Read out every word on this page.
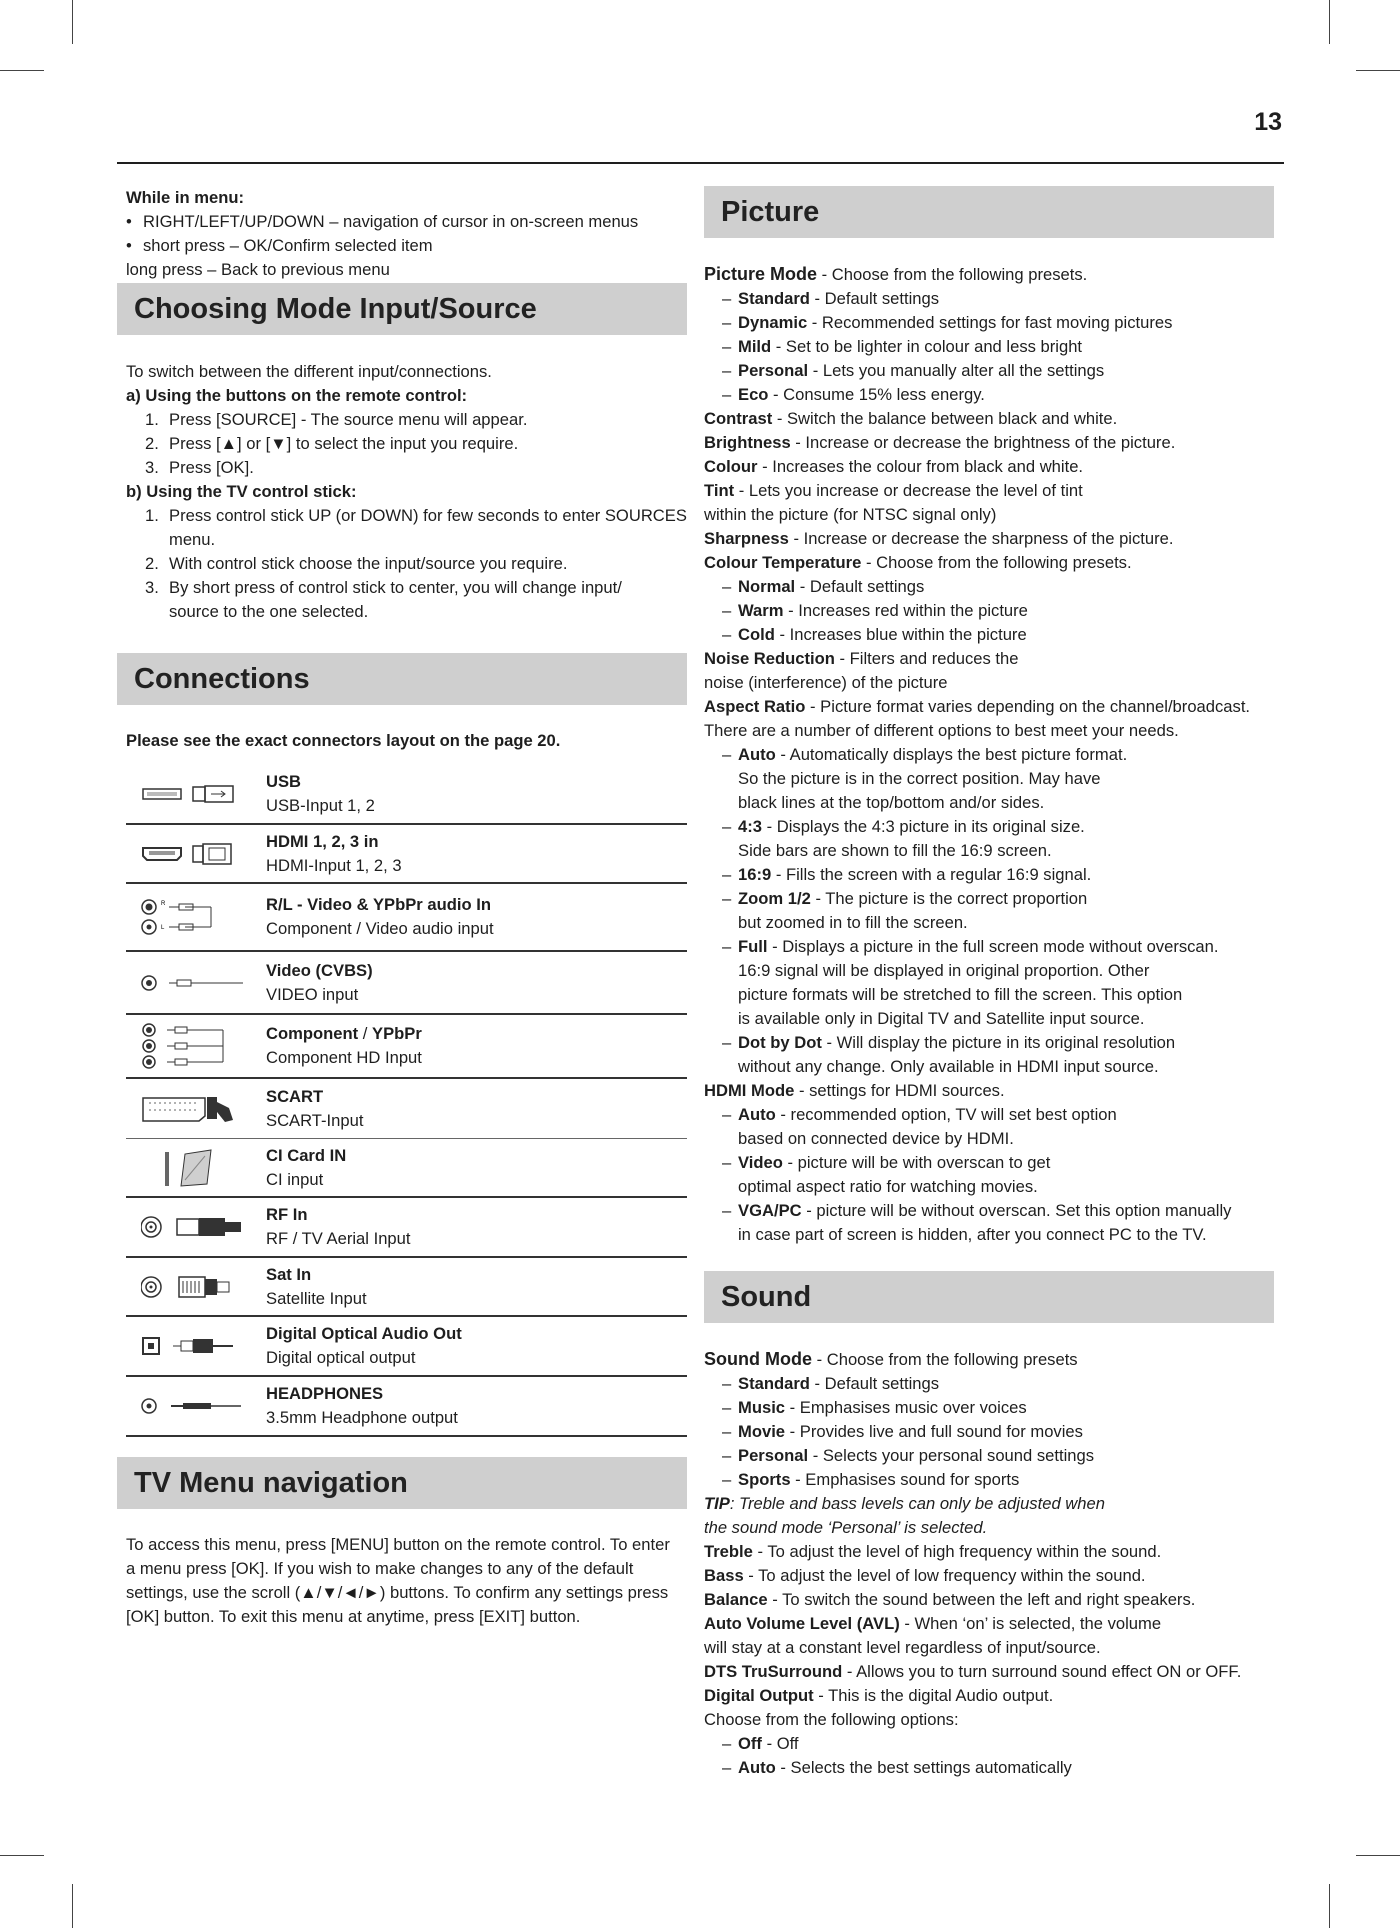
13
While in menu:
• RIGHT/LEFT/UP/DOWN – navigation of cursor in on-screen menus
• short press – OK/Confirm selected item
long press – Back to previous menu
Choosing Mode Input/Source
To switch between the different input/connections.
a) Using the buttons on the remote control:
1. Press [SOURCE] - The source menu will appear.
2. Press [▲] or [▼] to select the input you require.
3. Press [OK].
b) Using the TV control stick:
1. Press control stick UP (or DOWN) for few seconds to enter SOURCES
menu.
2. With control stick choose the input/source you require.
3. By short press of control stick to center, you will change input/
source to the one selected.
Connections
Please see the exact connectors layout on the page 20.
USB
USB-Input 1, 2
HDMI 1, 2, 3 in
HDMI-Input 1, 2, 3
R
L
R/L - Video & YPbPr audio In
Component / Video audio input
Video (CVBS)
VIDEO input
Component / YPbPr
Component HD Input
SCART
SCART-Input
CI Card IN
CI input
RF In
RF / TV Aerial Input
Sat In
Satellite Input
Digital Optical Audio Out
Digital optical output
HEADPHONES
3.5mm Headphone output
TV Menu navigation
To access this menu, press [MENU] button on the remote control. To enter
a menu press [OK]. If you wish to make changes to any of the default
settings, use the scroll (▲/▼/◄/►) buttons. To confirm any settings press
[OK] button. To exit this menu at anytime, press [EXIT] button.
Picture
Picture Mode - Choose from the following presets.
– Standard - Default settings
– Dynamic - Recommended settings for fast moving pictures
– Mild - Set to be lighter in colour and less bright
– Personal - Lets you manually alter all the settings
– Eco - Consume 15% less energy.
Contrast - Switch the balance between black and white.
Brightness - Increase or decrease the brightness of the picture.
Colour - Increases the colour from black and white.
Tint - Lets you increase or decrease the level of tint
within the picture (for NTSC signal only)
Sharpness - Increase or decrease the sharpness of the picture.
Colour Temperature - Choose from the following presets.
– Normal - Default settings
– Warm - Increases red within the picture
– Cold - Increases blue within the picture
Noise Reduction - Filters and reduces the
noise (interference) of the picture
Aspect Ratio - Picture format varies depending on the channel/broadcast.
There are a number of different options to best meet your needs.
– Auto - Automatically displays the best picture format.
So the picture is in the correct position. May have
black lines at the top/bottom and/or sides.
– 4:3 - Displays the 4:3 picture in its original size.
Side bars are shown to fill the 16:9 screen.
– 16:9 - Fills the screen with a regular 16:9 signal.
– Zoom 1/2 - The picture is the correct proportion
but zoomed in to fill the screen.
– Full - Displays a picture in the full screen mode without overscan.
16:9 signal will be displayed in original proportion. Other
picture formats will be stretched to fill the screen. This option
is available only in Digital TV and Satellite input source.
– Dot by Dot - Will display the picture in its original resolution
without any change. Only available in HDMI input source.
HDMI Mode - settings for HDMI sources.
– Auto - recommended option, TV will set best option
based on connected device by HDMI.
– Video - picture will be with overscan to get
optimal aspect ratio for watching movies.
– VGA/PC - picture will be without overscan. Set this option manually
in case part of screen is hidden, after you connect PC to the TV.
Sound
Sound Mode - Choose from the following presets
– Standard - Default settings
– Music - Emphasises music over voices
– Movie - Provides live and full sound for movies
– Personal - Selects your personal sound settings
– Sports - Emphasises sound for sports
TIP: Treble and bass levels can only be adjusted when
the sound mode ‘Personal’ is selected.
Treble - To adjust the level of high frequency within the sound.
Bass - To adjust the level of low frequency within the sound.
Balance - To switch the sound between the left and right speakers.
Auto Volume Level (AVL) - When ‘on’ is selected, the volume
will stay at a constant level regardless of input/source.
DTS TruSurround - Allows you to turn surround sound effect ON or OFF.
Digital Output - This is the digital Audio output.
Choose from the following options:
– Off - Off
– Auto - Selects the best settings automatically
